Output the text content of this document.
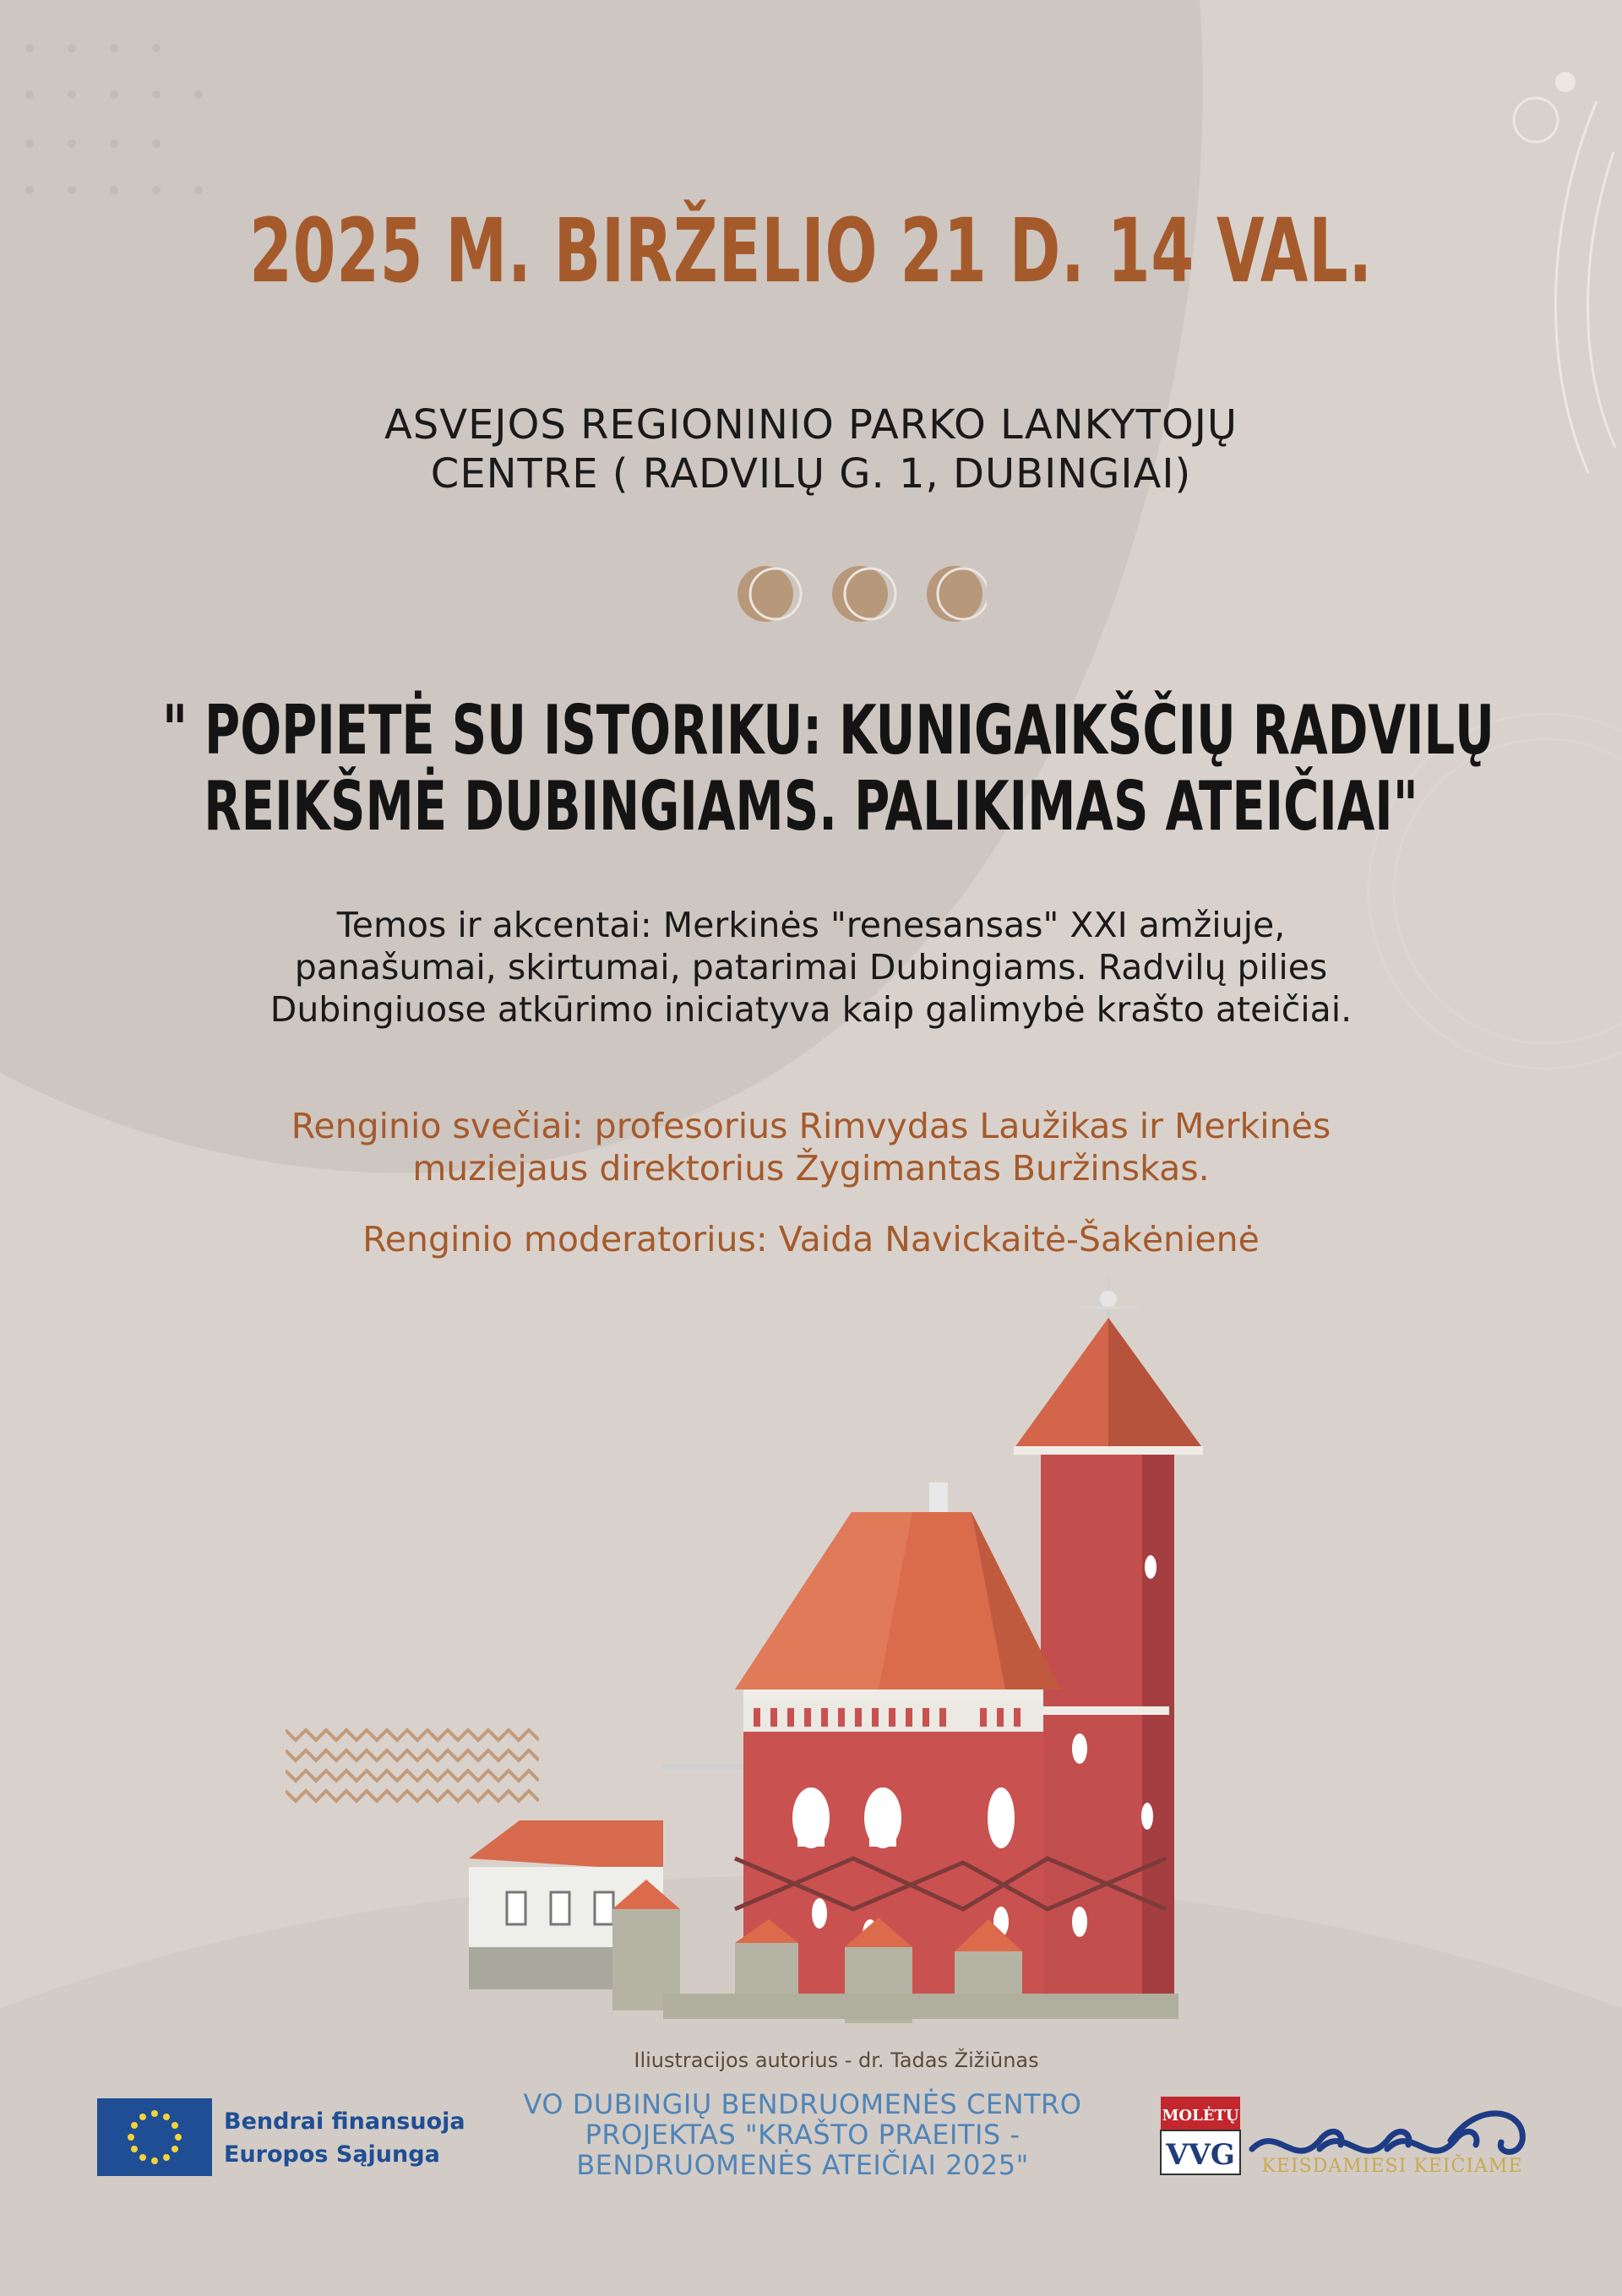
2025 M. BIRŽELIO 21 D. 14 VAL.
ASVEJOS REGIONINIO PARKO LANKYTOJŲ
CENTRE ( RADVILŲ G. 1, DUBINGIAI)
" POPIETĖ SU ISTORIKU: KUNIGAIKŠČIŲ RADVILŲ
REIKŠMĖ DUBINGIAMS. PALIKIMAS ATEIČIAI"
Temos ir akcentai: Merkinės "renesansas" XXI amžiuje,
panašumai, skirtumai, patarimai Dubingiams. Radvilų pilies
Dubingiuose atkūrimo iniciatyva kaip galimybė krašto ateičiai.
Renginio svečiai: profesorius Rimvydas Laužikas ir Merkinės
muziejaus direktorius Žygimantas Buržinskas.
Renginio moderatorius: Vaida Navickaitė-Šakėnienė
Iliustracijos autorius - dr. Tadas Žižiūnas
Bendrai finansuoja
Europos Sąjunga
VO DUBINGIŲ BENDRUOMENĖS CENTRO
PROJEKTAS "KRAŠTO PRAEITIS -
BENDRUOMENĖS ATEIČIAI 2025"
MOLĖTŲ
VVG	KEISDAMIESI KEIČIAME
